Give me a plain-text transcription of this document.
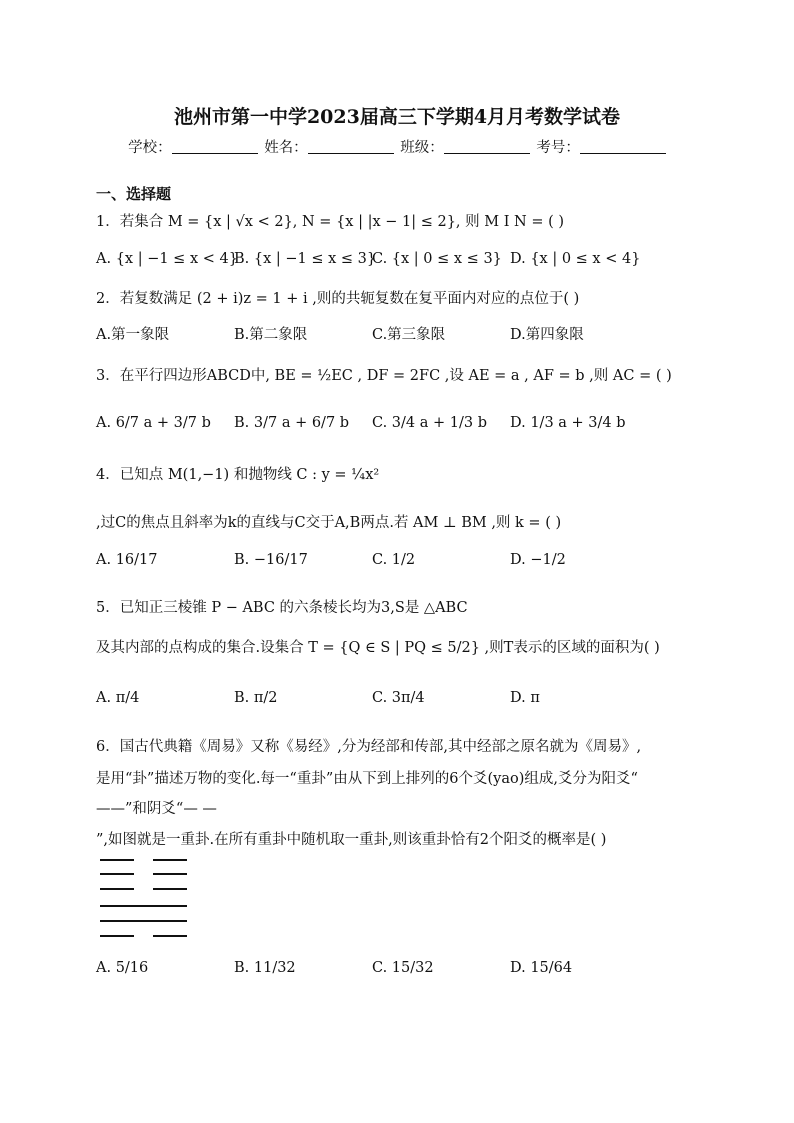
池州市第一中学2023届高三下学期4月月考数学试卷
学校：	姓名：	班级：	考号：
一、选择题
1．若集合 M = {x | √x < 2}, N = {x | |x − 1| ≤ 2}, 则 M I N = ( )
A. {x | −1 ≤ x < 4}
B. {x | −1 ≤ x ≤ 3}
C. {x | 0 ≤ x ≤ 3} D. {x | 0 ≤ x < 4}
2．若复数满足 (2 + i)z = 1 + i ,则的共轭复数在复平面内对应的点位于( )
A.第一象限	B.第二象限	C.第三象限	D.第四象限
3．在平行四边形ABCD中, BE = ½EC , DF = 2FC ,设 AE = a , AF = b ,则 AC = ( )
A. 6/7 a + 3/7 b B. 3/7 a + 6/7 b C. 3/4 a + 1/3 b D. 1/3 a + 3/4 b
4．已知点 M(1,−1) 和抛物线 C : y = ¼x²
,过C的焦点且斜率为k的直线与C交于A,B两点.若 AM ⊥ BM ,则 k = ( )
A. 16/17	B. −16/17	C. 1/2	D. −1/2
5．已知正三棱锥 P − ABC 的六条棱长均为3,S是 △ABC
及其内部的点构成的集合.设集合 T = {Q ∈ S | PQ ≤ 5/2} ,则T表示的区域的面积为( )
A. π/4	B. π/2	C. 3π/4	D. π
6．国古代典籍《周易》又称《易经》,分为经部和传部,其中经部之原名就为《周易》,
是用“卦”描述万物的变化.每一“重卦”由从下到上排列的6个爻(yao)组成,爻分为阳爻“
——”和阴爻“— —
”,如图就是一重卦.在所有重卦中随机取一重卦,则该重卦恰有2个阳爻的概率是( )
A. 5/16	B. 11/32	C. 15/32	D. 15/64
